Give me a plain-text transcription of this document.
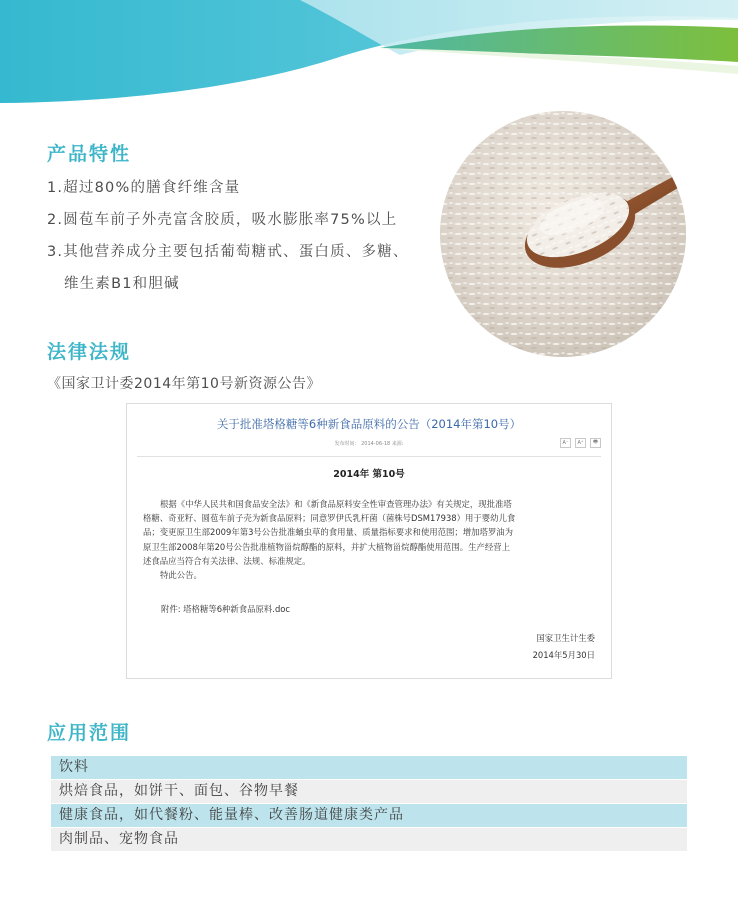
产品特性
1.超过80%的膳食纤维含量
2.圆苞车前子外壳富含胶质，吸水膨胀率75%以上
3.其他营养成分主要包括葡萄糖甙、蛋白质、多糖、
维生素B1和胆碱
法律法规
《国家卫计委2014年第10号新资源公告》
关于批准塔格糖等6种新食品原料的公告（2014年第10号）
发布时间： 2014-06-18 来源:	A⁻	A⁺	🖶
2014年 第10号

根据《中华人民共和国食品安全法》和《新食品原料安全性审查管理办法》有关规定，现批准塔

格糖、奇亚籽、圆苞车前子壳为新食品原料；同意罗伊氏乳杆菌（菌株号DSM17938）用于婴幼儿食

品；变更原卫生部2009年第3号公告批准蛹虫草的食用量、质量指标要求和使用范围；增加塔罗油为

原卫生部2008年第20号公告批准植物甾烷醇酯的原料，并扩大植物甾烷醇酯使用范围。生产经营上

述食品应当符合有关法律、法规、标准规定。

特此公告。

附件: 塔格糖等6种新食品原料.doc
国家卫生计生委
2014年5月30日
应用范围
饮料
烘焙食品，如饼干、面包、谷物早餐
健康食品，如代餐粉、能量棒、改善肠道健康类产品
肉制品、宠物食品
